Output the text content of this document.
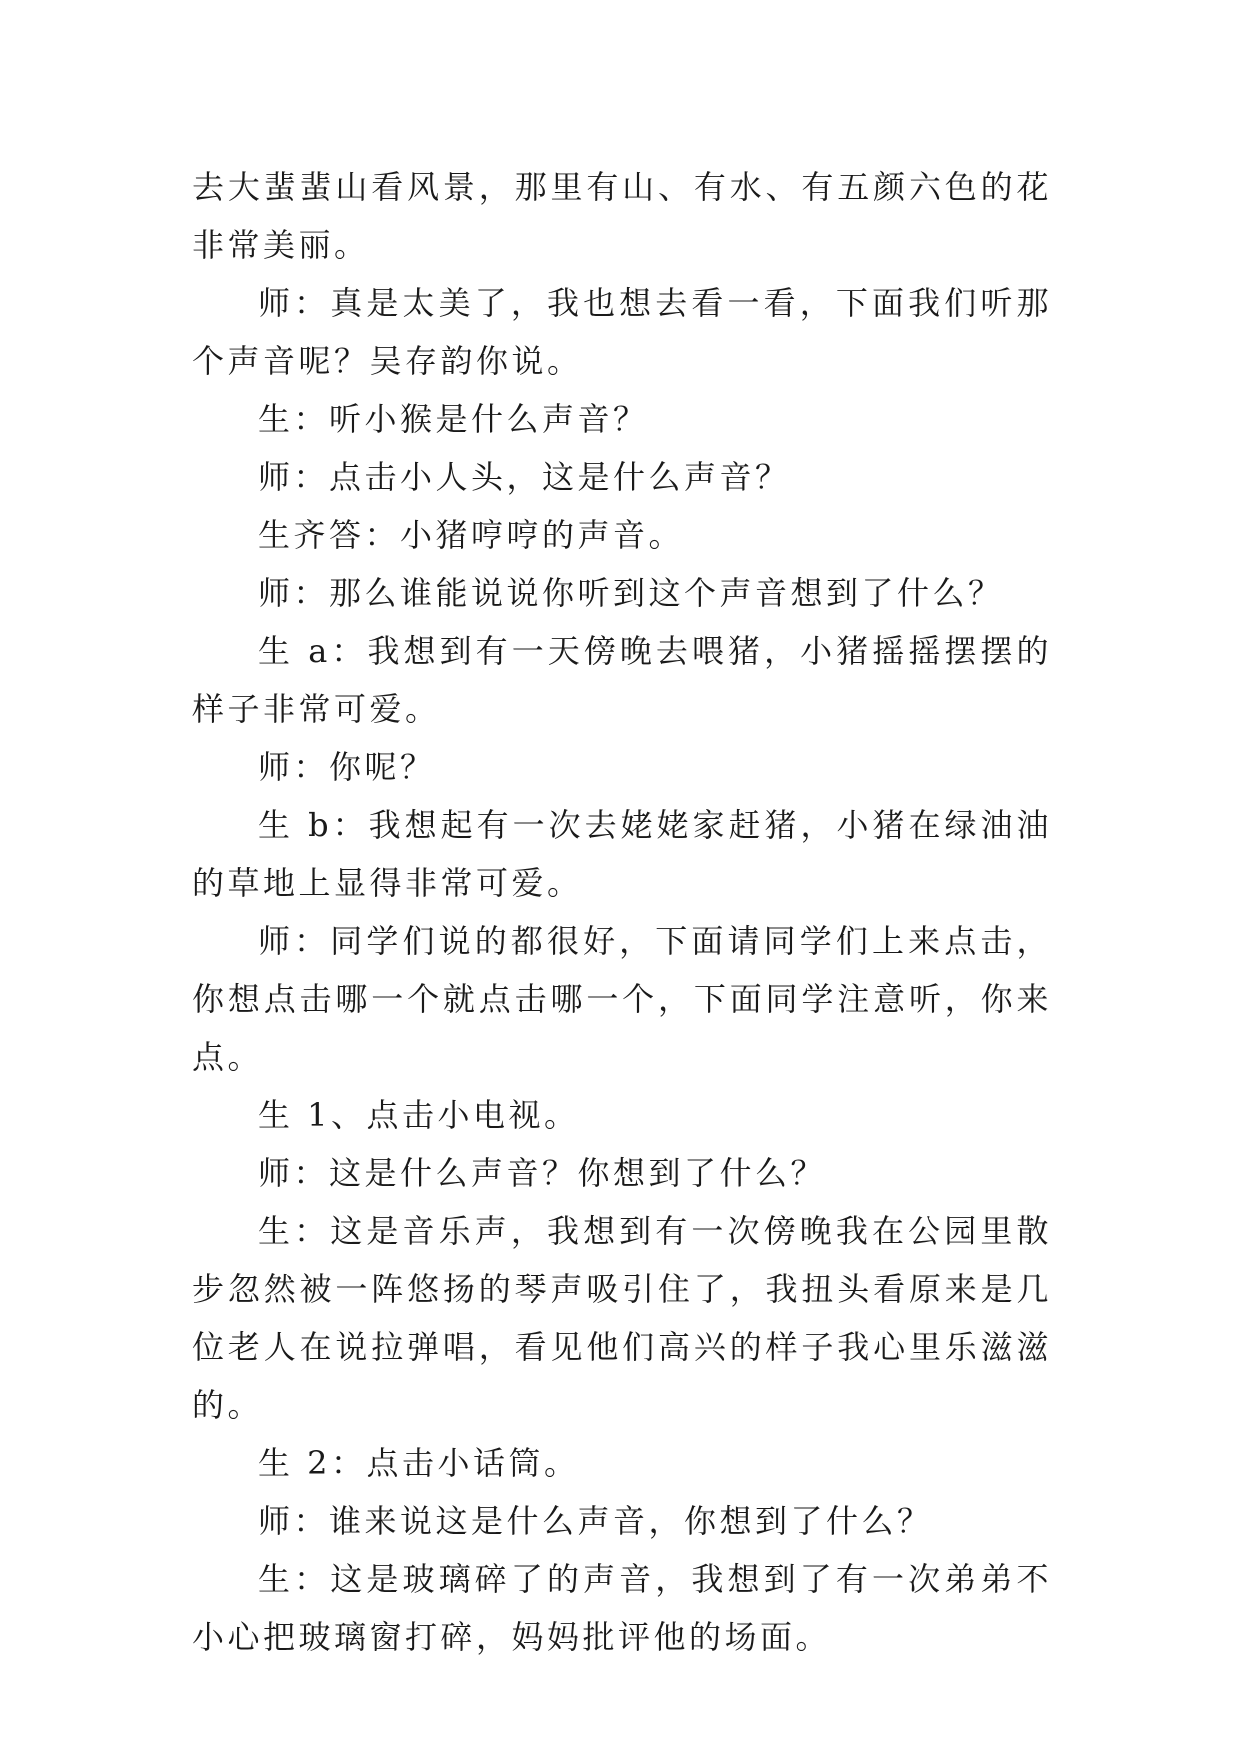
去大蜚蜚山看风景，那里有山、有水、有五颜六色的花非常美丽。

师：真是太美了，我也想去看一看，下面我们听那个声音呢？吴存韵你说。

生：听小猴是什么声音？

师：点击小人头，这是什么声音？

生齐答：小猪哼哼的声音。

师：那么谁能说说你听到这个声音想到了什么？

生 a：我想到有一天傍晚去喂猪，小猪摇摇摆摆的样子非常可爱。

师：你呢？

生 b：我想起有一次去姥姥家赶猪，小猪在绿油油的草地上显得非常可爱。

师：同学们说的都很好，下面请同学们上来点击，你想点击哪一个就点击哪一个，下面同学注意听，你来点。

生 1、点击小电视。

师：这是什么声音？你想到了什么？

生：这是音乐声，我想到有一次傍晚我在公园里散步忽然被一阵悠扬的琴声吸引住了，我扭头看原来是几位老人在说拉弹唱，看见他们高兴的样子我心里乐滋滋的。

生 2：点击小话筒。

师：谁来说这是什么声音，你想到了什么？

生：这是玻璃碎了的声音，我想到了有一次弟弟不小心把玻璃窗打碎，妈妈批评他的场面。
